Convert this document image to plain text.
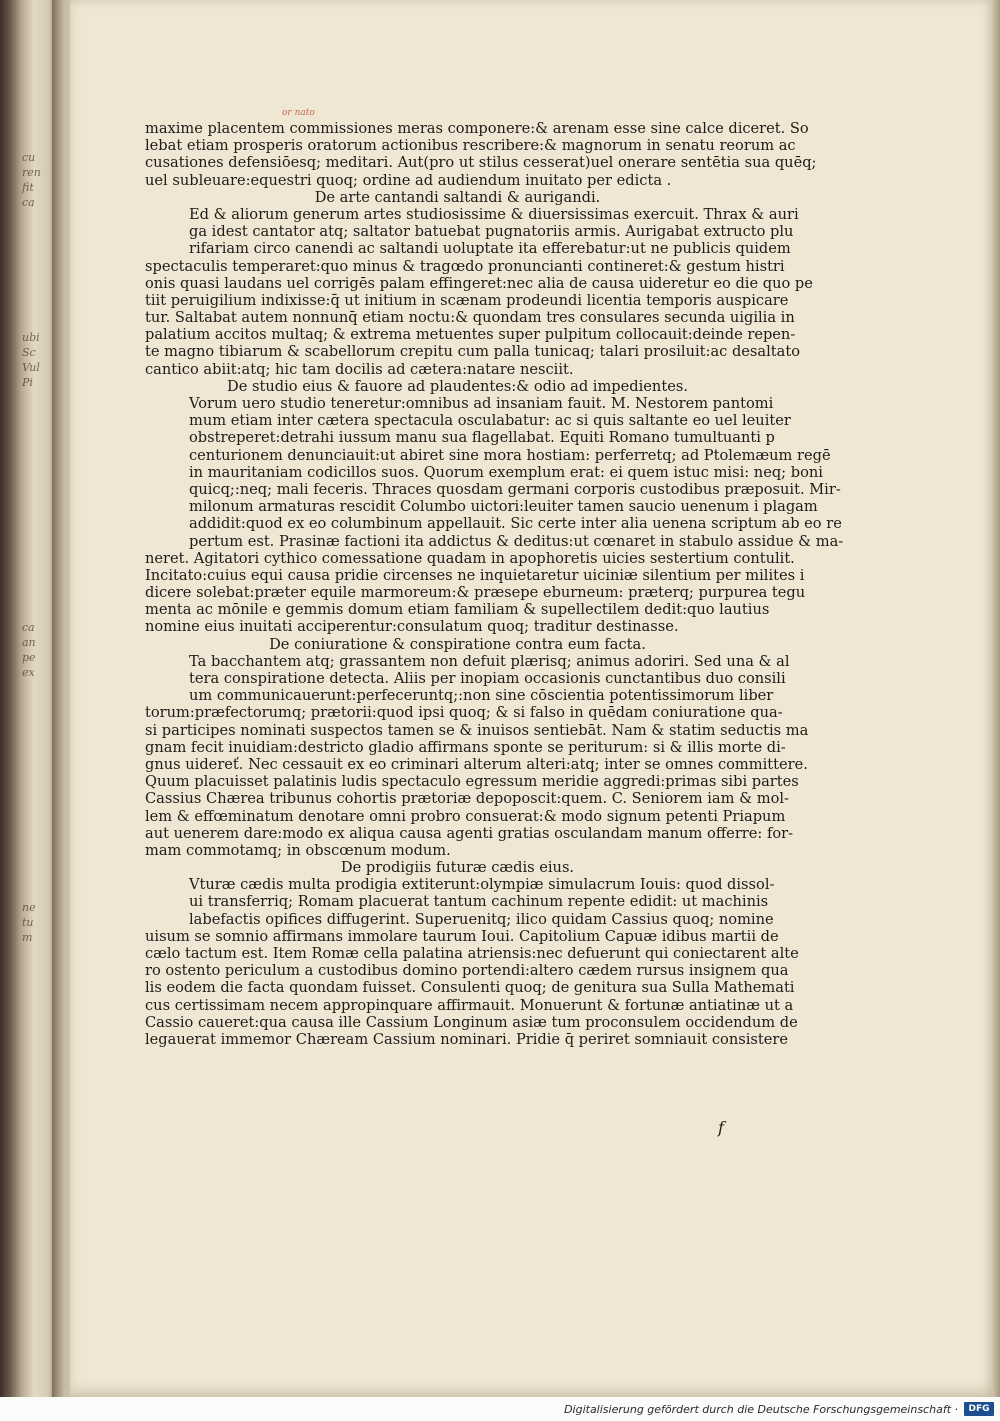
cu
ren
fit
ca
ubi
Sc
Vul
Pi
ca
an
pe
ex
ne
tu
m
or nato
maxime placentem commissiones meras componere:& arenam esse sine calce diceret. So
lebat etiam prosperis oratorum actionibus rescribere:& magnorum in senatu reorum ac
cusationes defensiōesq; meditari. Aut(pro ut stilus cesserat)uel onerare sentētia sua quēq;
uel subleuare:equestri quoq; ordine ad audiendum inuitato per edicta .
De arte cantandi saltandi & aurigandi.
Ed & aliorum generum artes studiosissime & diuersissimas exercuit. Thrax & auri
ga idest cantator atq; saltator batuebat pugnatoriis armis. Aurigabat extructo plu
rifariam circo canendi ac saltandi uoluptate ita efferebatur:ut ne publicis quidem
spectaculis temperaret:quo minus & tragœdo pronuncianti contineret:& gestum histri
onis quasi laudans uel corrigēs palam effingeret:nec alia de causa uideretur eo die quo pe
tiit peruigilium indixisse:q̄ ut initium in scænam prodeundi licentia temporis auspicare
tur. Saltabat autem nonnunq̄ etiam noctu:& quondam tres consulares secunda uigilia in
palatium accitos multaq; & extrema metuentes super pulpitum collocauit:deinde repen-
te magno tibiarum & scabellorum crepitu cum palla tunicaq; talari prosiluit:ac desaltato
cantico abiit:atq; hic tam docilis ad cætera:natare nesciit.
De studio eius & fauore ad plaudentes:& odio ad impedientes.
Vorum uero studio teneretur:omnibus ad insaniam fauit. M. Nestorem pantomi
mum etiam inter cætera spectacula osculabatur: ac si quis saltante eo uel leuiter
obstreperet:detrahi iussum manu sua flagellabat. Equiti Romano tumultuanti p
centurionem denunciauit:ut abiret sine mora hostiam: perferretq; ad Ptolemæum regē
in mauritaniam codicillos suos. Quorum exemplum erat: ei quem istuc misi: neq; boni
quicq;:neq; mali feceris. Thraces quosdam germani corporis custodibus præposuit. Mir-
milonum armaturas rescidit Columbo uictori:leuiter tamen saucio uenenum i plagam
addidit:quod ex eo columbinum appellauit. Sic certe inter alia uenena scriptum ab eo re
pertum est. Prasinæ factioni ita addictus & deditus:ut cœnaret in stabulo assidue & ma-
neret. Agitatori cythico comessatione quadam in apophoretis uicies sestertium contulit.
Incitato:cuius equi causa pridie circenses ne inquietaretur uiciniæ silentium per milites i
dicere solebat:præter equile marmoreum:& præsepe eburneum: præterq; purpurea tegu
menta ac mōnile e gemmis domum etiam familiam & supellectilem dedit:quo lautius
nomine eius inuitati acciperentur:consulatum quoq; traditur destinasse.
De coniuratione & conspiratione contra eum facta.
Ta bacchantem atq; grassantem non defuit plærisq; animus adoriri. Sed una & al
tera conspiratione detecta. Aliis per inopiam occasionis cunctantibus duo consili
um communicauerunt:perfeceruntq;:non sine cōscientia potentissimorum liber
torum:præfectorumq; prætorii:quod ipsi quoq; & si falso in quēdam coniuratione qua-
si participes nominati suspectos tamen se & inuisos sentiebāt. Nam & statim seductis ma
gnam fecit inuidiam:destricto gladio affirmans sponte se periturum: si & illis morte di-
gnus uidereť. Nec cessauit ex eo criminari alterum alteri:atq; inter se omnes committere.
Quum placuisset palatinis ludis spectaculo egressum meridie aggredi:primas sibi partes
Cassius Chærea tribunus cohortis prætoriæ depoposcit:quem. C. Seniorem iam & mol-
lem & effœminatum denotare omni probro consuerat:& modo signum petenti Priapum
aut uenerem dare:modo ex aliqua causa agenti gratias osculandam manum offerre: for-
mam commotamq; in obscœnum modum.
De prodigiis futuræ cædis eius.
Vturæ cædis multa prodigia extiterunt:olympiæ simulacrum Iouis: quod dissol-
ui transferriq; Romam placuerat tantum cachinum repente edidit: ut machinis
labefactis opifices diffugerint. Superuenitq; ilico quidam Cassius quoq; nomine
uisum se somnio affirmans immolare taurum Ioui. Capitolium Capuæ idibus martii de
cælo tactum est. Item Romæ cella palatina atriensis:nec defuerunt qui coniectarent alte
ro ostento periculum a custodibus domino portendi:altero cædem rursus insignem qua
lis eodem die facta quondam fuisset. Consulenti quoq; de genitura sua Sulla Mathemati
cus certissimam necem appropinquare affirmauit. Monuerunt & fortunæ antiatinæ ut a
Cassio caueret:qua causa ille Cassium Longinum asiæ tum proconsulem occidendum de
legauerat immemor Chæream Cassium nominari. Pridie q̄ periret somniauit consistere
f
Digitalisierung gefördert durch die Deutsche Forschungsgemeinschaft ·	DFG
